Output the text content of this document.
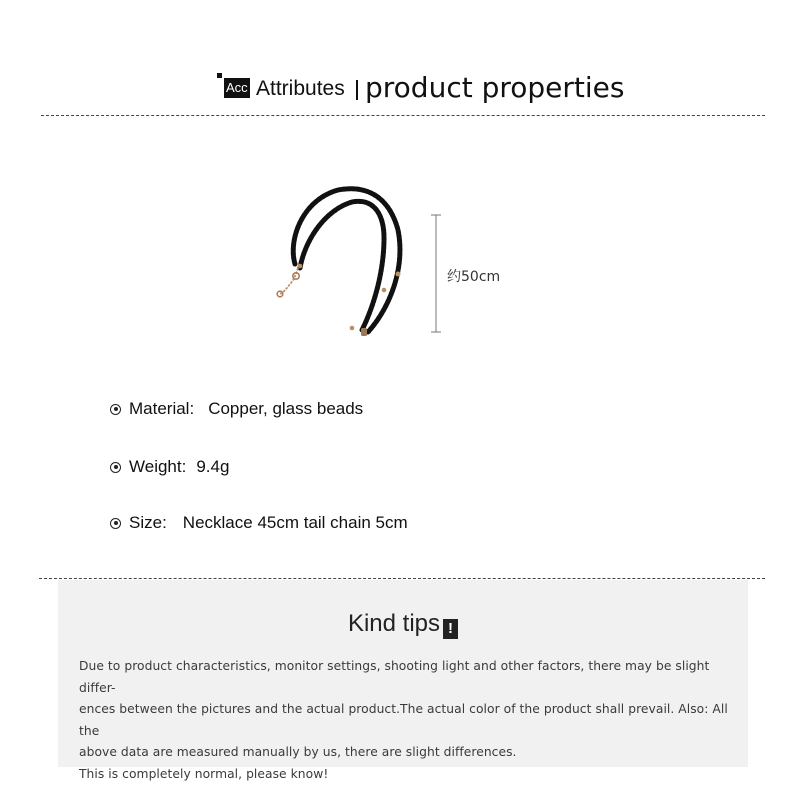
Acc Attributes product properties
约50cm
Material: Copper, glass beads
Weight: 9.4g
Size: Necklace 45cm tail chain 5cm
Kind tips !

Due to product characteristics, monitor settings, shooting light and other factors, there may be slight differ-

ences between the pictures and the actual product.The actual color of the product shall prevail. Also: All the

above data are measured manually by us, there are slight differences.

This is completely normal, please know!
